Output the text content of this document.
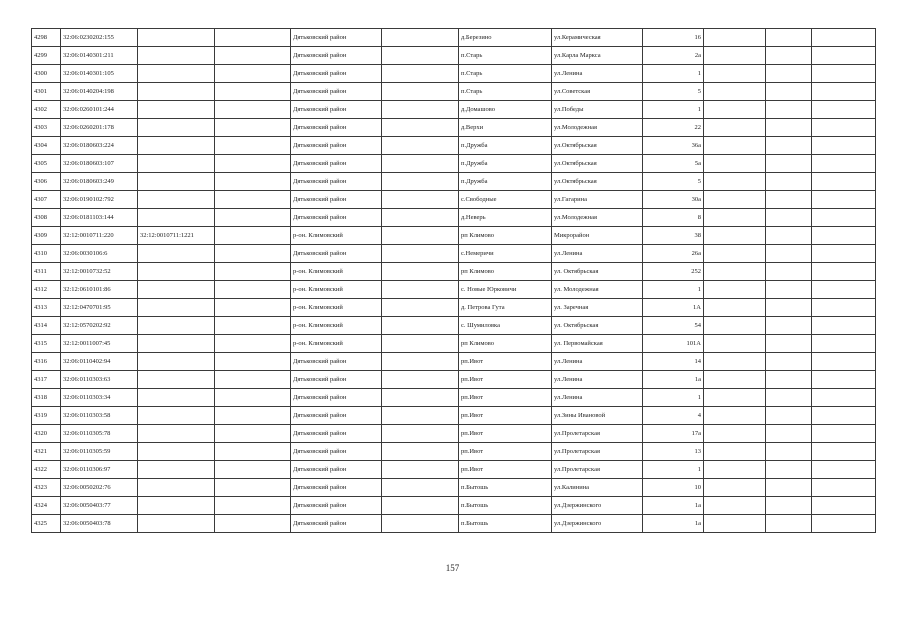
4298	32:06:0230202:155			Дятьковский район		д.Березино	ул.Керамическая	16			
4299	32:06:0140301:211			Дятьковский район		п.Старь	ул.Карла Маркса	2а			
4300	32:06:0140301:105			Дятьковский район		п.Старь	ул.Ленина	1			
4301	32:06:0140204:198			Дятьковский район		п.Старь	ул.Советская	5			
4302	32:06:0260101:244			Дятьковский район		д.Домашово	ул.Победы	1			
4303	32:06:0260201:178			Дятьковский район		д.Верхи	ул.Молодежная	22			
4304	32:06:0180603:224			Дятьковский район		п.Дружба	ул.Октябрьская	36а			
4305	32:06:0180603:107			Дятьковский район		п.Дружба	ул.Октябрьская	5а			
4306	32:06:0180603:249			Дятьковский район		п.Дружба	ул.Октябрьская	5			
4307	32:06:0190102:792			Дятьковский район		с.Свободные	ул.Гагарина	30а			
4308	32:06:0181103:144			Дятьковский район		д.Неверь	ул.Молодежная	8			
4309	32:12:0010711:220	32:12:0010711:1221		р-он. Климовский		рп Климово	Микрорайон	38			
4310	32:06:0030106:6			Дятьковский район		с.Немеричи	ул.Ленина	26а			
4311	32:12:0010732:52			р-он. Климовский		рп Климово	ул. Октябрьская	252			
4312	32:12:0610101:86			р-он. Климовский		с. Новые Юрковичи	ул. Молодежная	1			
4313	32:12:0470701:95			р-он. Климовский		д. Петрова Гута	ул. Заречная	1А			
4314	32:12:0570202:92			р-он. Климовский		с. Шумиловка	ул. Октябрьская	54			
4315	32:12:0011007:45			р-он. Климовский		рп Климово	ул. Первомайская	101А			
4316	32:06:0110402:94			Дятьковский район		рп.Ивот	ул.Ленина	14			
4317	32:06:0110303:63			Дятьковский район		рп.Ивот	ул.Ленина	1а			
4318	32:06:0110303:34			Дятьковский район		рп.Ивот	ул.Ленина	1			
4319	32:06:0110303:58			Дятьковский район		рп.Ивот	ул.Зины Ивановой	4			
4320	32:06:0110305:78			Дятьковский район		рп.Ивот	ул.Пролетарская	17а			
4321	32:06:0110305:59			Дятьковский район		рп.Ивот	ул.Пролетарская	13			
4322	32:06:0110306:97			Дятьковский район		рп.Ивот	ул.Пролетарская	1			
4323	32:06:0050202:76			Дятьковский район		п.Бытошь	ул.Калинина	10			
4324	32:06:0050403:77			Дятьковский район		п.Бытошь	ул.Дзержинского	1а			
4325	32:06:0050403:78			Дятьковский район		п.Бытошь	ул.Дзержинского	1а			
157
